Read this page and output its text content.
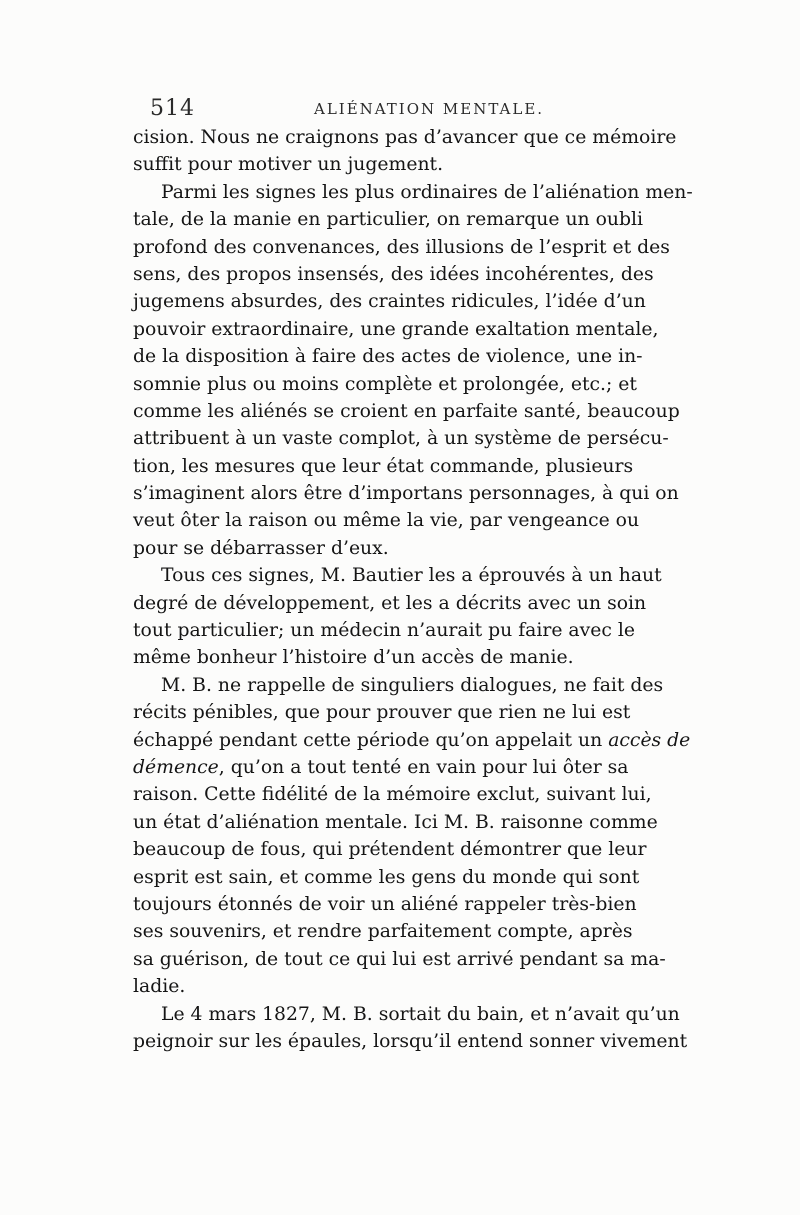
514	ALIÉNATION MENTALE.
cision. Nous ne craignons pas d’avancer que ce mémoire
suffit pour motiver un jugement.
Parmi les signes les plus ordinaires de l’aliénation men-
tale, de la manie en particulier, on remarque un oubli
profond des convenances, des illusions de l’esprit et des
sens, des propos insensés, des idées incohérentes, des
jugemens absurdes, des craintes ridicules, l’idée d’un
pouvoir extraordinaire, une grande exaltation mentale,
de la disposition à faire des actes de violence, une in-
somnie plus ou moins complète et prolongée, etc.; et
comme les aliénés se croient en parfaite santé, beaucoup
attribuent à un vaste complot, à un système de persécu-
tion, les mesures que leur état commande, plusieurs
s’imaginent alors être d’importans personnages, à qui on
veut ôter la raison ou même la vie, par vengeance ou
pour se débarrasser d’eux.
Tous ces signes, M. Bautier les a éprouvés à un haut
degré de développement, et les a décrits avec un soin
tout particulier; un médecin n’aurait pu faire avec le
même bonheur l’histoire d’un accès de manie.
M. B. ne rappelle de singuliers dialogues, ne fait des
récits pénibles, que pour prouver que rien ne lui est
échappé pendant cette période qu’on appelait un accès de
démence, qu’on a tout tenté en vain pour lui ôter sa
raison. Cette fidélité de la mémoire exclut, suivant lui,
un état d’aliénation mentale. Ici M. B. raisonne comme
beaucoup de fous, qui prétendent démontrer que leur
esprit est sain, et comme les gens du monde qui sont
toujours étonnés de voir un aliéné rappeler très-bien
ses souvenirs, et rendre parfaitement compte, après
sa guérison, de tout ce qui lui est arrivé pendant sa ma-
ladie.
Le 4 mars 1827, M. B. sortait du bain, et n’avait qu’un
peignoir sur les épaules, lorsqu’il entend sonner vivement
